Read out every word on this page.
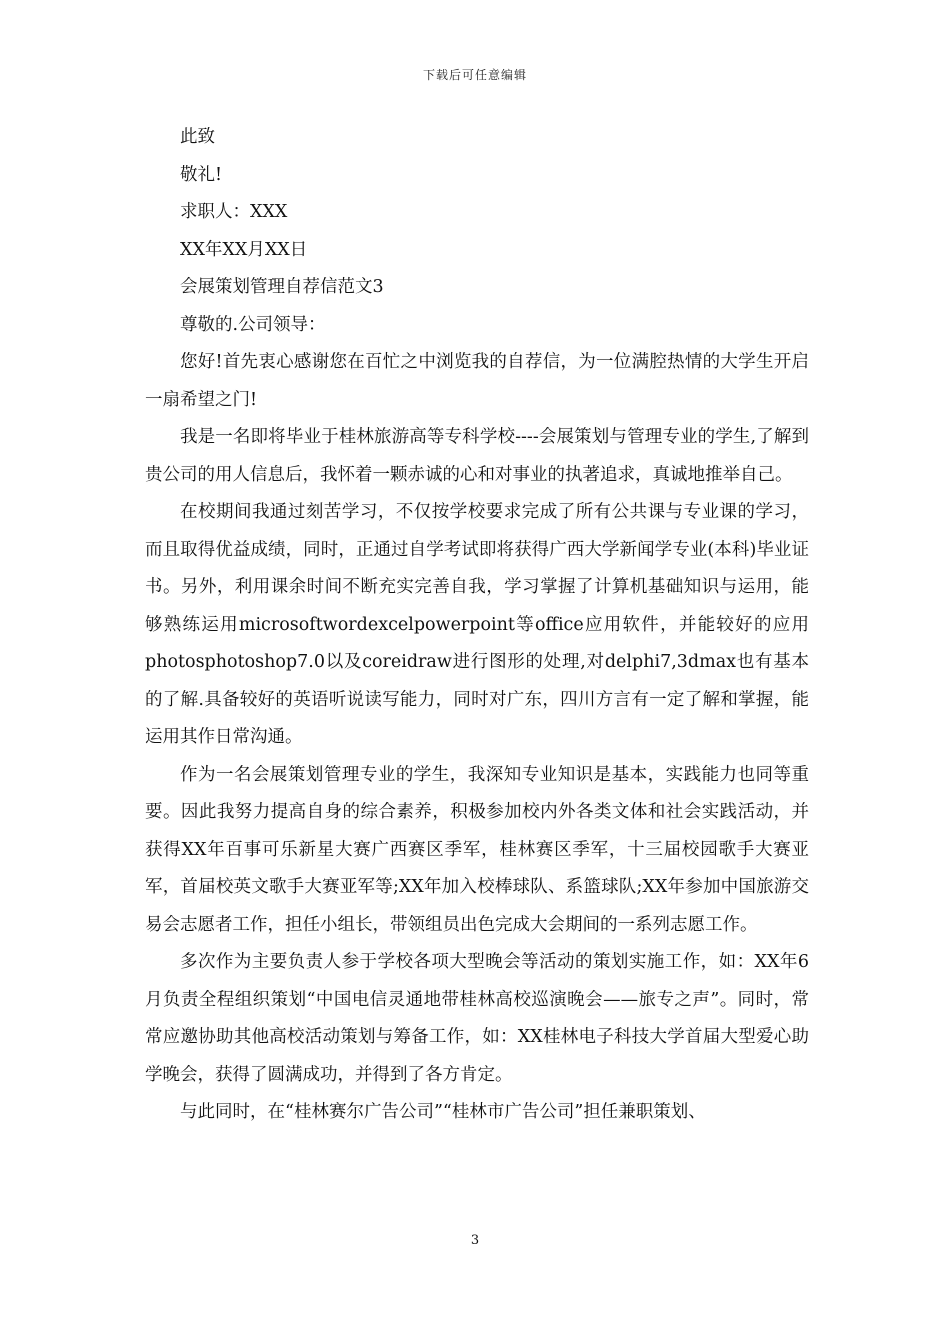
下载后可任意编辑
此致
敬礼!
求职人：XXX
XX年XX月XX日
会展策划管理自荐信范文3
尊敬的.公司领导：

您好!首先衷心感谢您在百忙之中浏览我的自荐信，为一位满腔热情的大学生开启一扇希望之门!

我是一名即将毕业于桂林旅游高等专科学校----会展策划与管理专业的学生,了解到贵公司的用人信息后，我怀着一颗赤诚的心和对事业的执著追求，真诚地推举自己。

在校期间我通过刻苦学习，不仅按学校要求完成了所有公共课与专业课的学习，而且取得优益成绩，同时，正通过自学考试即将获得广西大学新闻学专业(本科)毕业证书。另外，利用课余时间不断充实完善自我，学习掌握了计算机基础知识与运用，能够熟练运用microsoftwordexcelpowerpoint等office应用软件，并能较好的应用photosphotoshop7.0以及coreidraw进行图形的处理,对delphi7,3dmax也有基本的了解.具备较好的英语听说读写能力，同时对广东，四川方言有一定了解和掌握，能运用其作日常沟通。

作为一名会展策划管理专业的学生，我深知专业知识是基本，实践能力也同等重要。因此我努力提高自身的综合素养，积极参加校内外各类文体和社会实践活动，并获得XX年百事可乐新星大赛广西赛区季军，桂林赛区季军，十三届校园歌手大赛亚军，首届校英文歌手大赛亚军等;XX年加入校棒球队、系篮球队;XX年参加中国旅游交易会志愿者工作，担任小组长，带领组员出色完成大会期间的一系列志愿工作。

多次作为主要负责人参于学校各项大型晚会等活动的策划实施工作，如：XX年6月负责全程组织策划“中国电信灵通地带桂林高校巡演晚会——旅专之声”。同时，常常应邀协助其他高校活动策划与筹备工作，如：XX桂林电子科技大学首届大型爱心助学晚会，获得了圆满成功，并得到了各方肯定。

与此同时，在“桂林赛尔广告公司”“桂林市广告公司”担任兼职策划、

3
